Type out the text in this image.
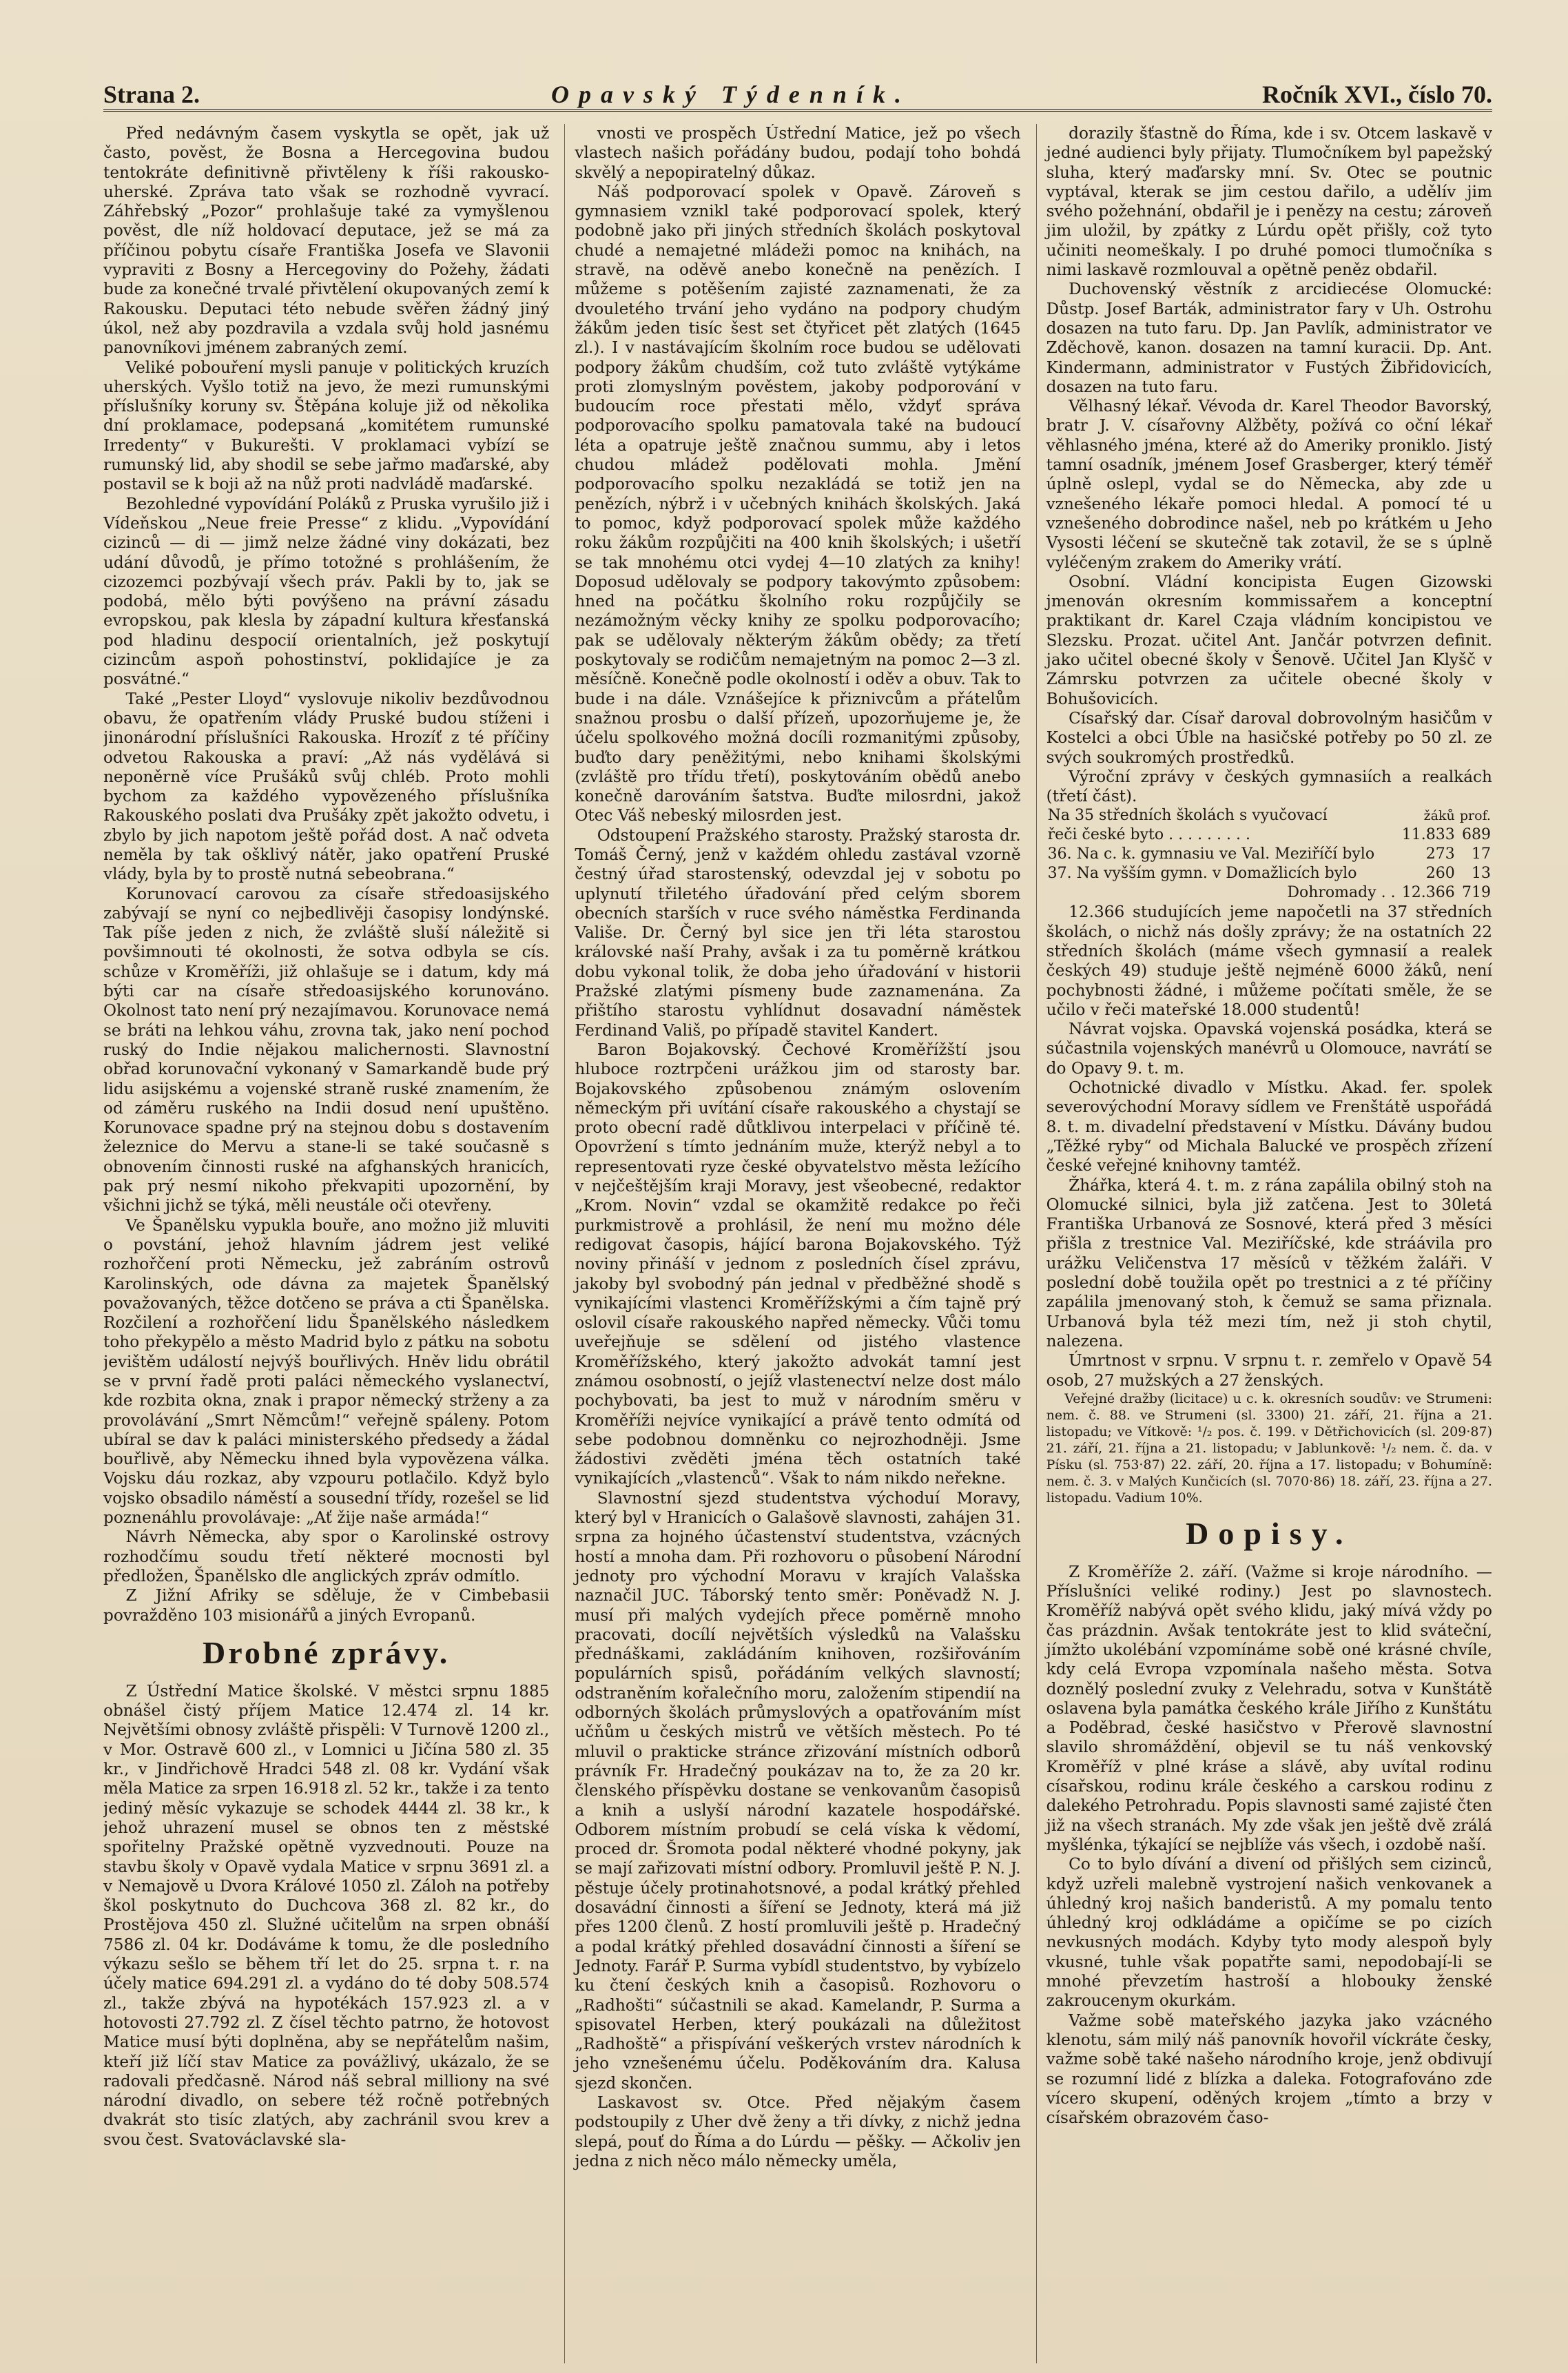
Strana 2.	Opavský Týdenník.	Ročník XVI., číslo 70.

Před nedávným časem vyskytla se opět, jak už často, pověst, že Bosna a Hercegovina budou tentokráte definitivně přivtěleny k říši rakousko-uherské. Zpráva tato však se rozhodně vyvrací. Záhřebský „Pozor“ prohlašuje také za vymyšlenou pověst, dle níž holdovací deputace, jež se má za příčinou pobytu císaře Františka Josefa ve Slavonii vypraviti z Bosny a Hercegoviny do Požehy, žádati bude za konečné trvalé přivtělení okupovaných zemí k Rakousku. Deputaci této nebude svěřen žádný jiný úkol, než aby pozdravila a vzdala svůj hold jasnému panovníkovi jménem zabraných zemí.

Veliké pobouření mysli panuje v politických kruzích uherských. Vyšlo totiž na jevo, že mezi rumunskými příslušníky koruny sv. Štěpána koluje již od několika dní proklamace, podepsaná „komitétem rumunské Irredenty“ v Bukurešti. V proklamaci vybízí se rumunský lid, aby shodil se sebe jařmo maďarské, aby postavil se k boji až na nůž proti nadvládě maďarské.

Bezohledné vypovídání Poláků z Pruska vyrušilo již i Vídeňskou „Neue freie Presse“ z klidu. „Vypovídání cizinců — di — jimž nelze žádné viny dokázati, bez udání důvodů, je přímo totožné s prohlášením, že cizozemci pozbývají všech práv. Pakli by to, jak se podobá, mělo býti povýšeno na právní zásadu evropskou, pak klesla by západní kultura křesťanská pod hladinu despocií orientalních, jež poskytují cizincům aspoň pohostinství, poklidajíce je za posvátné.“

Také „Pester Lloyd“ vyslovuje nikoliv bezdůvodnou obavu, že opatřením vlády Pruské budou stíženi i jinonárodní příslušníci Rakouska. Hrozíť z té příčiny odvetou Rakouska a praví: „Až nás vydělává si neponěrně více Prušáků svůj chléb. Proto mohli bychom za každého vypovězeného příslušníka Rakouského poslati dva Prušáky zpět jakožto odvetu, i zbylo by jich napotom ještě pořád dost. A nač odveta neměla by tak ošklivý nátěr, jako opatření Pruské vlády, byla by to prostě nutná sebeobrana.“

Korunovací carovou za císaře středoasijského zabývají se nyní co nejbedlivěji časopisy londýnské. Tak píše jeden z nich, že zvláště sluší náležitě si povšimnouti té okolnosti, že sotva odbyla se cís. schůze v Kroměříži, již ohlašuje se i datum, kdy má býti car na císaře středoasijského korunováno. Okolnost tato není prý nezajímavou. Korunovace nemá se bráti na lehkou váhu, zrovna tak, jako není pochod ruský do Indie nějakou malichernosti. Slavnostní obřad korunovační vykonaný v Samarkandě bude prý lidu asijskému a vojenské straně ruské znamením, že od záměru ruského na Indii dosud není upuštěno. Korunovace spadne prý na stejnou dobu s dostavením železnice do Mervu a stane-li se také současně s obnovením činnosti ruské na afghanských hranicích, pak prý nesmí nikoho překvapiti upozornění, by všichni jichž se týká, měli neustále oči otevřeny.

Ve Španělsku vypukla bouře, ano možno již mluviti o povstání, jehož hlavním jádrem jest veliké rozhořčení proti Německu, jež zabráním ostrovů Karolinských, ode dávna za majetek Španělský považovaných, těžce dotčeno se práva a cti Španělska. Rozčilení a rozhořčení lidu Španělského následkem toho překypělo a město Madrid bylo z pátku na sobotu jevištěm událostí nejvýš bouřlivých. Hněv lidu obrátil se v první řadě proti paláci německého vyslanectví, kde rozbita okna, znak i prapor německý strženy a za provolávání „Smrt Němcům!“ veřejně spáleny. Potom ubíral se dav k paláci ministerského předsedy a žádal bouřlivě, aby Německu ihned byla vypovězena válka. Vojsku dáu rozkaz, aby vzpouru potlačilo. Když bylo vojsko obsadilo náměstí a sousední třídy, rozešel se lid poznenáhlu provolávaje: „Ať žije naše armáda!“

Návrh Německa, aby spor o Karolinské ostrovy rozhodčímu soudu třetí některé mocnosti byl předložen, Španělsko dle anglických zpráv odmítlo.

Z Jižní Afriky se sděluje, že v Cimbebasii povražděno 103 misionářů a jiných Evropanů.

Drobné zprávy.

Z Ústřední Matice školské. V městci srpnu 1885 obnášel čistý příjem Matice 12.474 zl. 14 kr. Největšími obnosy zvláště přispěli: V Turnově 1200 zl., v Mor. Ostravě 600 zl., v Lomnici u Jičína 580 zl. 35 kr., v Jindřichově Hradci 548 zl. 08 kr. Vydání však měla Matice za srpen 16.918 zl. 52 kr., takže i za tento jediný měsíc vykazuje se schodek 4444 zl. 38 kr., k jehož uhrazení musel se obnos ten z městské spořitelny Pražské opětně vyzvednouti. Pouze na stavbu školy v Opavě vydala Matice v srpnu 3691 zl. a v Nemajově u Dvora Králové 1050 zl. Záloh na potřeby škol poskytnuto do Duchcova 368 zl. 82 kr., do Prostějova 450 zl. Služné učitelům na srpen obnáší 7586 zl. 04 kr. Dodáváme k tomu, že dle posledního výkazu sešlo se během tří let do 25. srpna t. r. na účely matice 694.291 zl. a vydáno do té doby 508.574 zl., takže zbývá na hypotékách 157.923 zl. a v hotovosti 27.792 zl. Z čísel těchto patrno, že hotovost Matice musí býti doplněna, aby se nepřátelům našim, kteří již líčí stav Matice za povážlivý, ukázalo, že se radovali předčasně. Národ náš sebral milliony na své národní divadlo, on sebere též ročně potřebných dvakrát sto tisíc zlatých, aby zachránil svou krev a svou čest. Svatováclavské sla-

vnosti ve prospěch Ústřední Matice, jež po všech vlastech našich pořádány budou, podají toho bohdá skvělý a nepopiratelný důkaz.

Náš podporovací spolek v Opavě. Zároveň s gymnasiem vznikl také podporovací spolek, který podobně jako při jiných středních školách poskytoval chudé a nemajetné mládeži pomoc na knihách, na stravě, na oděvě anebo konečně na penězích. I můžeme s potěšením zajisté zaznamenati, že za dvouletého trvání jeho vydáno na podpory chudým žákům jeden tisíc šest set čtyřicet pět zlatých (1645 zl.). I v nastávajícím školním roce budou se udělovati podpory žákům chudším, což tuto zvláště vytýkáme proti zlomyslným pověstem, jakoby podporování v budoucím roce přestati mělo, vždyť správa podporovacího spolku pamatovala také na budoucí léta a opatruje ještě značnou summu, aby i letos chudou mládež podělovati mohla. Jmění podporovacího spolku nezakládá se totiž jen na penězích, nýbrž i v učebných knihách školských. Jaká to pomoc, když podporovací spolek může každého roku žákům rozpůjčiti na 400 knih školských; i ušetří se tak mnohému otci vydej 4—10 zlatých za knihy! Doposud udělovaly se podpory takovýmto způsobem: hned na počátku školního roku rozpůjčily se nezámožným věcky knihy ze spolku podporovacího; pak se udělovaly některým žákům obědy; za třetí poskytovaly se rodičům nemajetným na pomoc 2—3 zl. měsíčně. Konečně podle okolností i oděv a obuv. Tak to bude i na dále. Vznášejíce k přiznivcům a přátelům snažnou prosbu o další přízeň, upozorňujeme je, že účelu spolkového možná docíli rozmanitými způsoby, buďto dary peněžitými, nebo knihami školskými (zvláště pro třídu třetí), poskytováním obědů anebo konečně darováním šatstva. Buďte milosrdni, jakož Otec Váš nebeský milosrden jest.

Odstoupení Pražského starosty. Pražský starosta dr. Tomáš Černý, jenž v každém ohledu zastával vzorně čestný úřad starostenský, odevzdal jej v sobotu po uplynutí třiletého úřadování před celým sborem obecních starších v ruce svého náměstka Ferdinanda Vališe. Dr. Černý byl sice jen tři léta starostou královské naší Prahy, avšak i za tu poměrně krátkou dobu vykonal tolik, že doba jeho úřadování v historii Pražské zlatými písmeny bude zaznamenána. Za přištího starostu vyhlídnut dosavadní náměstek Ferdinand Vališ, po případě stavitel Kandert.

Baron Bojakovský. Čechové Kroměřížští jsou hluboce roztrpčeni urážkou jim od starosty bar. Bojakovského způsobenou známým oslovením německým při uvítání císaře rakouského a chystají se proto obecní radě důtklivou interpelaci v příčině té. Opovržení s tímto jednáním muže, kterýž nebyl a to representovati ryze české obyvatelstvo města ležícího v nejčeštějším kraji Moravy, jest všeobecné, redaktor „Krom. Novin“ vzdal se okamžitě redakce po řeči purkmistrově a prohlásil, že není mu možno déle redigovat časopis, hájící barona Bojakovského. Týž noviny přináší v jednom z posledních čísel zprávu, jakoby byl svobodný pán jednal v předběžné shodě s vynikajícími vlastenci Kroměřížskými a čím tajně prý oslovil císaře rakouského napřed německy. Vůči tomu uveřejňuje se sdělení od jistého vlastence Kroměřížského, který jakožto advokát tamní jest známou osobností, o jejíž vlastenectví nelze dost málo pochybovati, ba jest to muž v národním směru v Kroměříži nejvíce vynikající a právě tento odmítá od sebe podobnou domněnku co nejrozhodněji. Jsme žádostivi zvěděti jména těch ostatních také vynikajících „vlastenců“. Však to nám nikdo neřekne.

Slavnostní sjezd studentstva východuí Moravy, který byl v Hranicích o Galašově slavnosti, zahájen 31. srpna za hojného účastenství studentstva, vzácných hostí a mnoha dam. Při rozhovoru o působení Národní jednoty pro východní Moravu v krajích Valašska naznačil JUC. Táborský tento směr: Poněvadž N. J. musí při malých vydejích přece poměrně mnoho pracovati, docílí největších výsledků na Valašsku přednáškami, zakládáním knihoven, rozšiřováním populárních spisů, pořádáním velkých slavností; odstraněním kořalečního moru, založením stipendií na odborných školách průmyslových a opatřováním míst učňům u českých mistrů ve větších městech. Po té mluvil o prakticke stránce zřizování místních odborů právník Fr. Hradečný poukázav na to, že za 20 kr. členského příspěvku dostane se venkovanům časopisů a knih a uslyší národní kazatele hospodářské. Odborem místním probudí se celá víska k vědomí, proced dr. Šromota podal některé vhodné pokyny, jak se mají zařizovati místní odbory. Promluvil ještě P. N. J. pěstuje účely protinahotsnové, a podal krátký přehled dosavádní činnosti a šíření se Jednoty, která má již přes 1200 členů. Z hostí promluvili ještě p. Hradečný a podal krátký přehled dosavádní činnosti a šíření se Jednoty. Farář P. Surma vybídl studentstvo, by vybízelo ku čtení českých knih a časopisů. Rozhovoru o „Radhošti“ súčastnili se akad. Kamelandr, P. Surma a spisovatel Herben, který poukázali na důležitost „Radhoště“ a přispívání veškerých vrstev národních k jeho vznešenému účelu. Poděkováním dra. Kalusa sjezd skončen.

Laskavost sv. Otce. Před nějakým časem podstoupily z Uher dvě ženy a tři dívky, z nichž jedna slepá, pouť do Říma a do Lúrdu — pěšky. — Ačkoliv jen jedna z nich něco málo německy uměla,

dorazily šťastně do Říma, kde i sv. Otcem laskavě v jedné audienci byly přijaty. Tlumočníkem byl papežský sluha, který maďarsky mní. Sv. Otec se poutnic vyptával, kterak se jim cestou dařilo, a udělív jim svého požehnání, obdařil je i penězy na cestu; zároveň jim uložil, by zpátky z Lúrdu opět přišly, což tyto učiniti neomeškaly. I po druhé pomoci tlumočníka s nimi laskavě rozmlouval a opětně peněz obdařil.

Duchovenský věstník z arcidiecése Olomucké: Důstp. Josef Barták, administrator fary v Uh. Ostrohu dosazen na tuto faru. Dp. Jan Pavlík, administrator ve Zděchově, kanon. dosazen na tamní kuracii. Dp. Ant. Kindermann, administrator v Fustých Žibřidovicích, dosazen na tuto faru.

Vělhasný lékař. Vévoda dr. Karel Theodor Bavorský, bratr J. V. císařovny Alžběty, požívá co oční lékař věhlasného jména, které až do Ameriky proniklo. Jistý tamní osadník, jménem Josef Grasberger, který téměř úplně oslepl, vydal se do Německa, aby zde u vznešeného lékaře pomoci hledal. A pomocí té u vznešeného dobrodince našel, neb po krátkém u Jeho Vysosti léčení se skutečně tak zotavil, že se s úplně vyléčeným zrakem do Ameriky vrátí.

Osobní. Vládní koncipista Eugen Gizowski jmenován okresním kommissařem a konceptní praktikant dr. Karel Czaja vládním koncipistou ve Slezsku. Prozat. učitel Ant. Jančár potvrzen definit. jako učitel obecné školy v Šenově. Učitel Jan Klyšč v Zámrsku potvrzen za učitele obecné školy v Bohušovicích.

Císařský dar. Císař daroval dobrovolným hasičům v Kostelci a obci Úble na hasičské potřeby po 50 zl. ze svých soukromých prostředků.

Výroční zprávy v českých gymnasiích a realkách (třetí část).

Na 35 středních školách s vyučovací	žáků	prof.
řeči české byto . . . . . . . . .	11.833	689
36. Na c. k. gymnasiu ve Val. Meziříčí bylo	273	17
37. Na vyšším gymn. v Domažlicích bylo	260	13
Dohromady . .	12.366	719

12.366 studujících jeme napočetli na 37 středních školách, o nichž nás došly zprávy; že na ostatních 22 středních školách (máme všech gymnasií a realek českých 49) studuje ještě nejméně 6000 žáků, není pochybnosti žádné, i můžeme počítati směle, že se učilo v řeči mateřské 18.000 studentů!

Návrat vojska. Opavská vojenská posádka, která se súčastnila vojenských manévrů u Olomouce, navrátí se do Opavy 9. t. m.

Ochotnické divadlo v Místku. Akad. fer. spolek severovýchodní Moravy sídlem ve Frenštátě uspořádá 8. t. m. divadelní představení v Místku. Dávány budou „Těžké ryby“ od Michala Balucké ve prospěch zřízení české veřejné knihovny tamtéž.

Žhářka, která 4. t. m. z rána zapálila obilný stoh na Olomucké silnici, byla již zatčena. Jest to 30letá Františka Urbanová ze Sosnové, která před 3 měsíci přišla z trestnice Val. Meziříčské, kde stráávila pro urážku Veličenstva 17 měsíců v těžkém žaláři. V poslední době toužila opět po trestnici a z té příčiny zapálila jmenovaný stoh, k čemuž se sama přiznala. Urbanová byla též mezi tím, než ji stoh chytil, nalezena.

Úmrtnost v srpnu. V srpnu t. r. zemřelo v Opavě 54 osob, 27 mužských a 27 ženských.

Veřejné dražby (licitace) u c. k. okresních soudův: ve Strumeni: nem. č. 88. ve Strumeni (sl. 3300) 21. září, 21. října a 21. listopadu; ve Vítkově: ¹/₂ pos. č. 199. v Dětřichovicích (sl. 209·87) 21. září, 21. října a 21. listopadu; v Jablunkově: ¹/₂ nem. č. da. v Písku (sl. 753·87) 22. září, 20. října a 17. listopadu; v Bohumíně: nem. č. 3. v Malých Kunčicích (sl. 7070·86) 18. září, 23. října a 27. listopadu. Vadium 10%.

Dopisy.

Z Kroměříže 2. září. (Važme si kroje národního. — Příslušníci veliké rodiny.) Jest po slavnostech. Kroměříž nabývá opět svého klidu, jaký mívá vždy po čas prázdnin. Avšak tentokráte jest to klid sváteční, jímžto ukolébání vzpomínáme sobě oné krásné chvíle, kdy celá Evropa vzpomínala našeho města. Sotva doznělý poslední zvuky z Velehradu, sotva v Kunštátě oslavena byla památka českého krále Jiřího z Kunštátu a Poděbrad, české hasičstvo v Přerově slavnostní slavilo shromáždění, objevil se tu náš venkovský Kroměříž v plné kráse a slávě, aby uvítal rodinu císařskou, rodinu krále českého a carskou rodinu z dalekého Petrohradu. Popis slavnosti samé zajisté čten již na všech stranách. My zde však jen ještě dvě zrálá myšlénka, týkající se nejblíže vás všech, i ozdobě naší.

Co to bylo dívání a divení od přišlých sem cizinců, když uzřeli malebně vystrojení našich venkovanek a úhledný kroj našich banderistů. A my pomalu tento úhledný kroj odkládáme a opičíme se po cizích nevkusných modách. Kdyby tyto mody alespoň byly vkusné, tuhle však popatřte sami, nepodobají-li se mnohé převzetím hastroší a hlobouky ženské zakroucenym okurkám.

Važme sobě mateřského jazyka jako vzácného klenotu, sám milý náš panovník hovořil víckráte česky, važme sobě také našeho národního kroje, jenž obdivují se rozumní lidé z blízka a daleka. Fotografováno zde vícero skupení, oděných krojem „tímto a brzy v císařském obrazovém časo-
